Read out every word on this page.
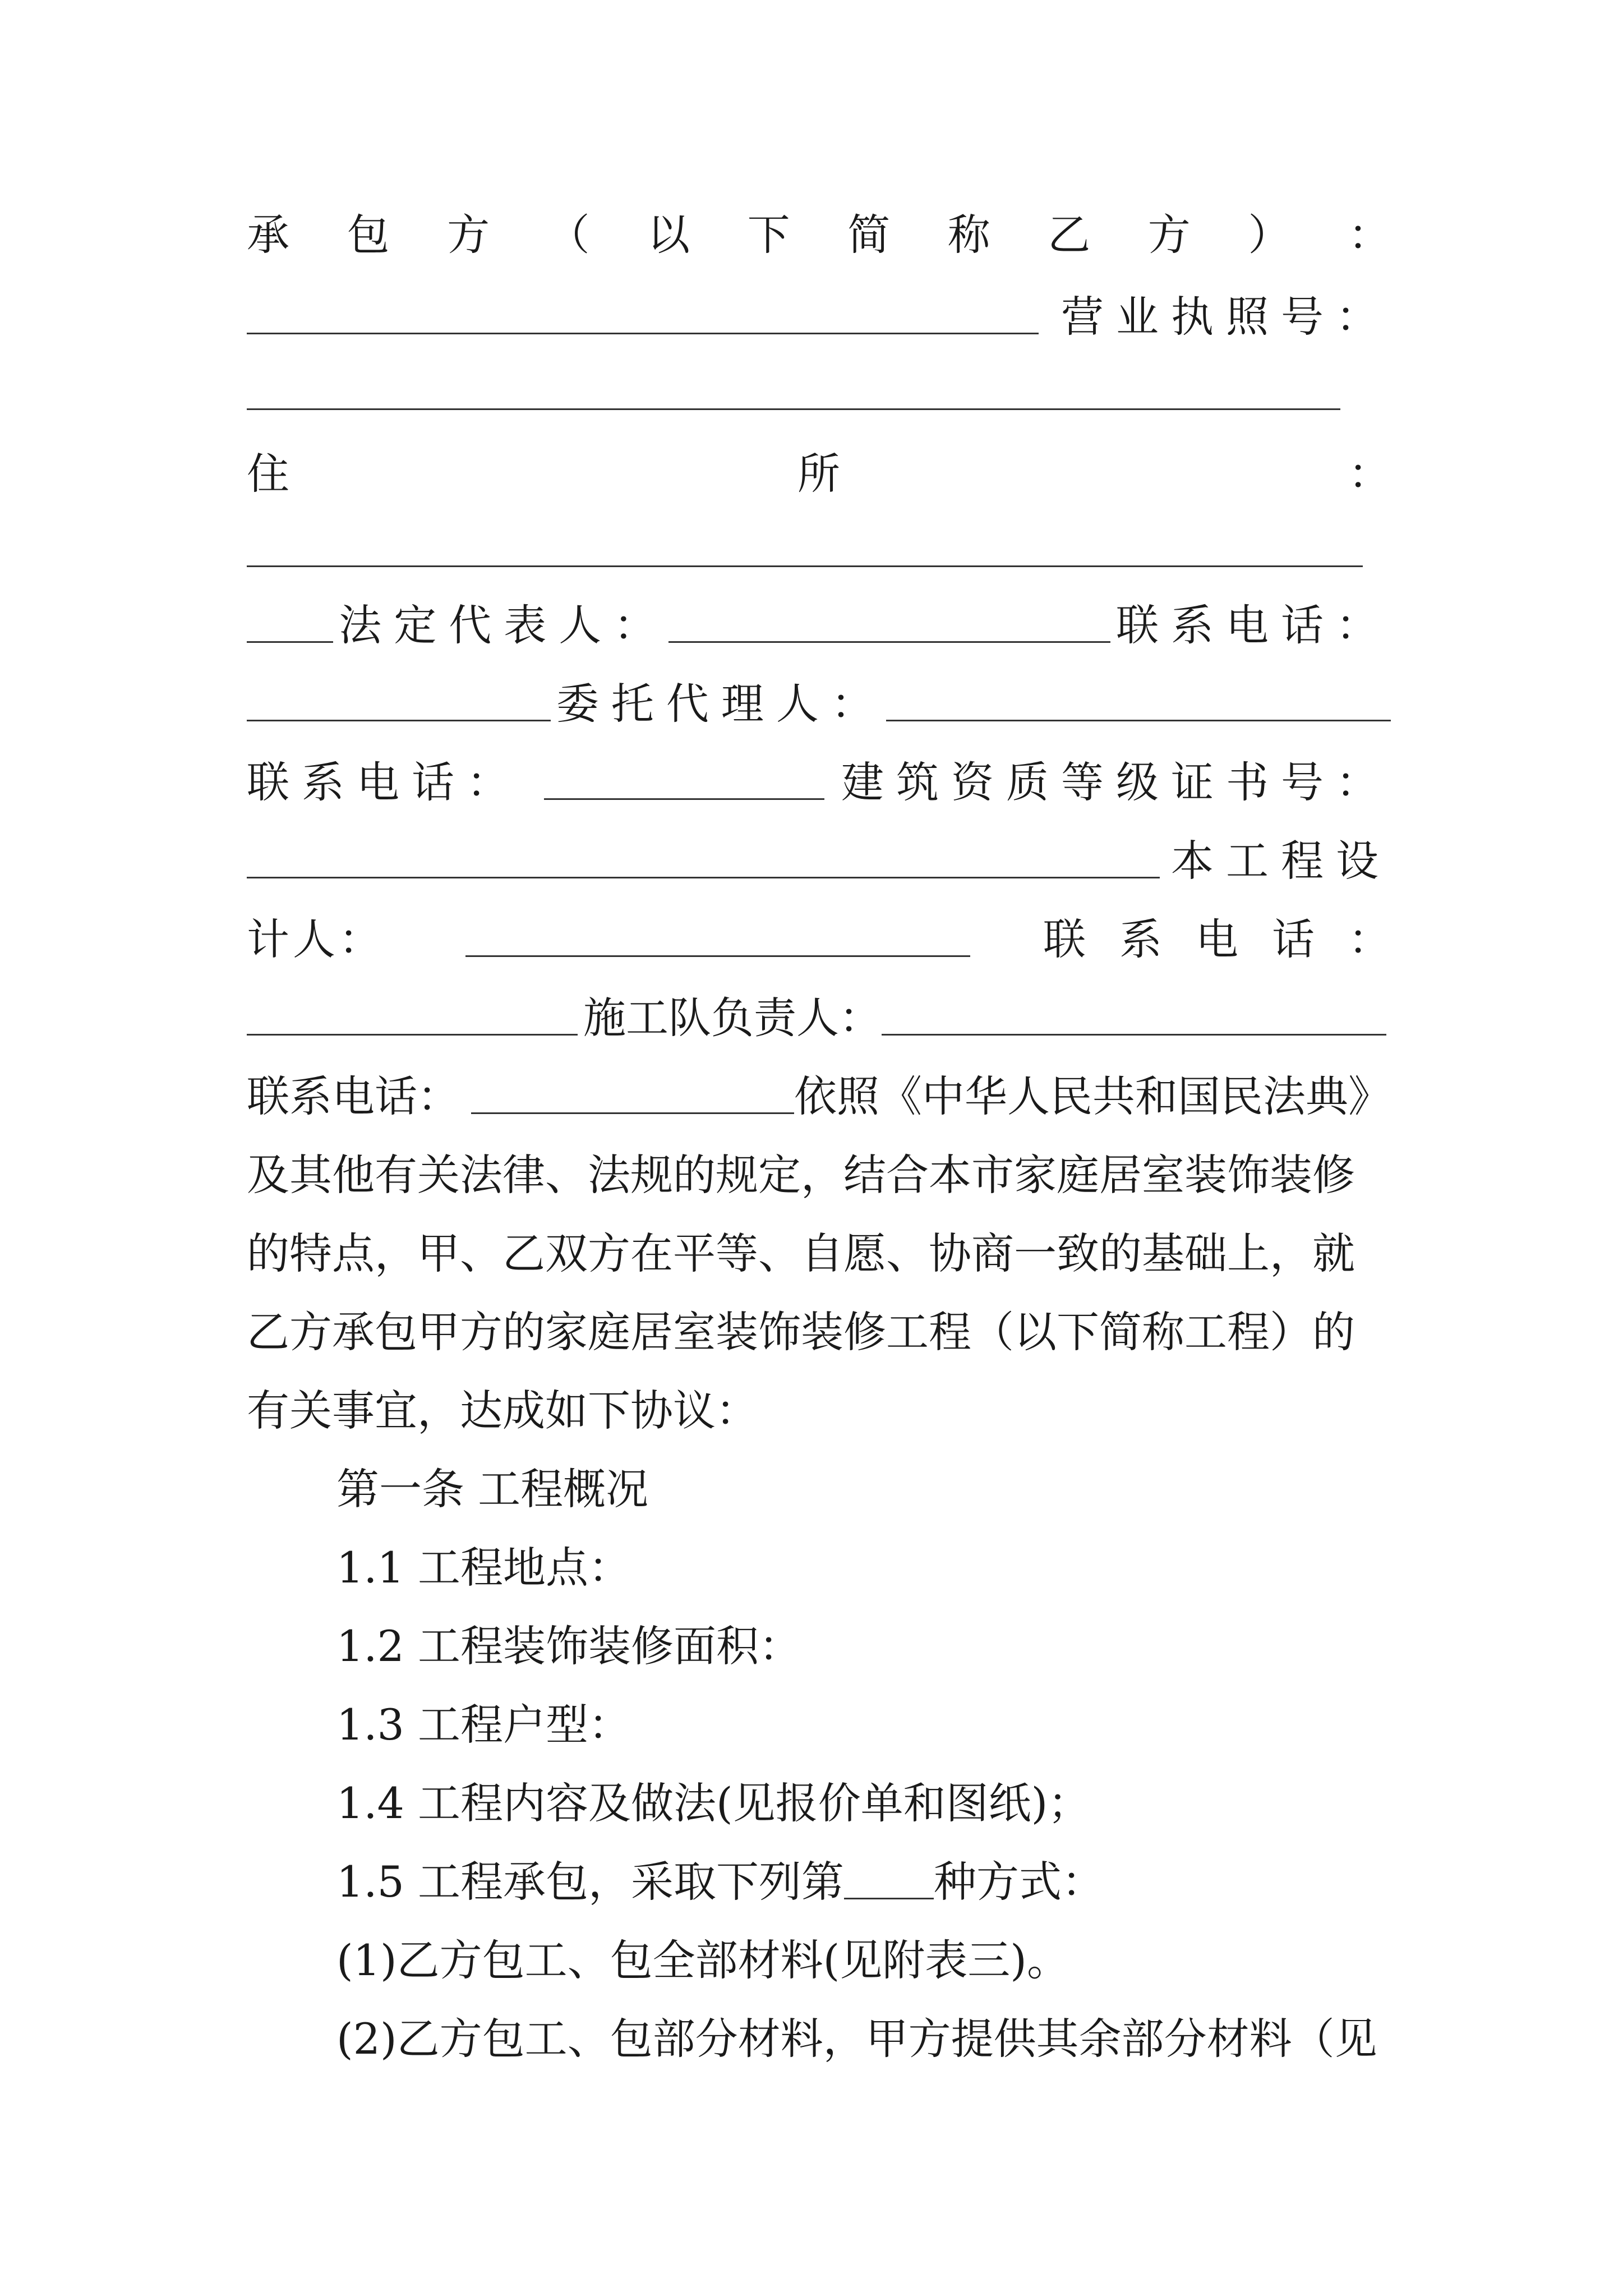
承 包 方 （ 以 下 简 称 乙 方 ） ：
营业执照号：
住	所	：
法定代表人：	联系电话：
委托代理人：
联系电话：	建筑资质等级证书号：
本工程设
计 人 ：	联 系 电 话 ：
施工队负责人：
联系电话：	依照《中华人民共和国民法典》
及其他有关法律、法规的规定，结合本市家庭居室装饰装修
的特点，甲、乙双方在平等、自愿、协商一致的基础上，就
乙方承包甲方的家庭居室装饰装修工程（以下简称工程）的
有关事宜，达成如下协议：
第一条 工程概况
1.1 工程地点：
1.2 工程装饰装修面积：
1.3 工程户型：
1.4 工程内容及做法(见报价单和图纸)；
1.5 工程承包，采取下列第 种方式：
(1)乙方包工、包全部材料(见附表三)。
(2)乙方包工、包部分材料，甲方提供其余部分材料（见
